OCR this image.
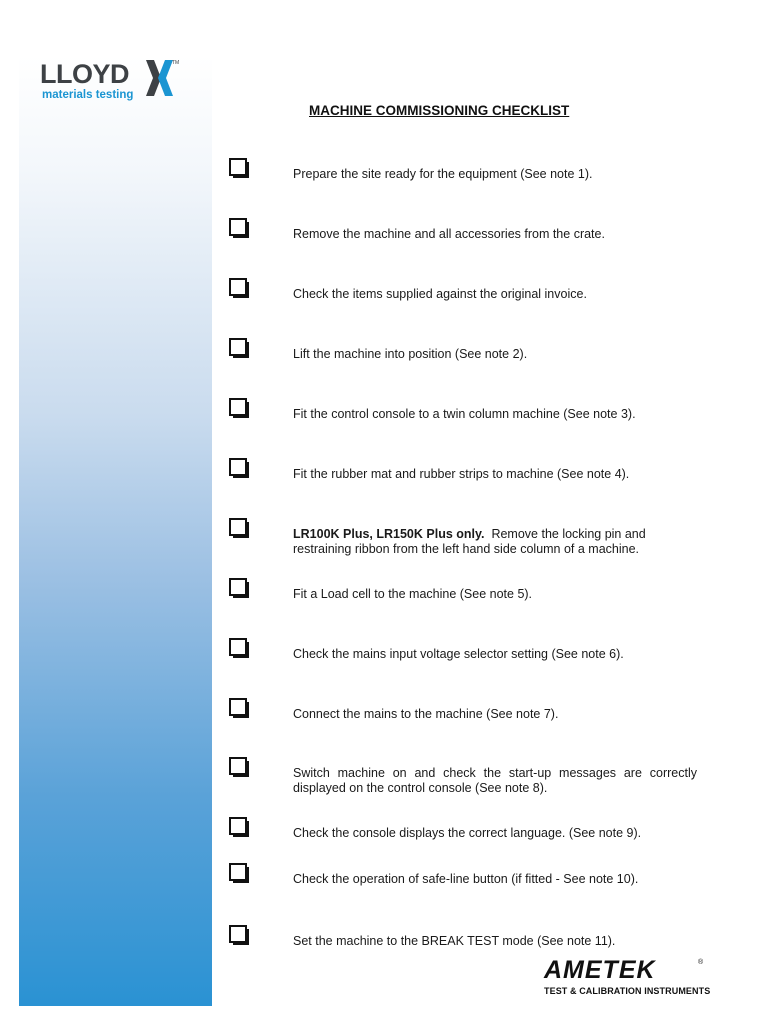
LLOYD
materials testing
TM
MACHINE COMMISSIONING CHECKLIST
Prepare the site ready for the equipment (See note 1).
Remove the machine and all accessories from the crate.
Check the items supplied against the original invoice.
Lift the machine into position (See note 2).
Fit the control console to a twin column machine (See note 3).
Fit the rubber mat and rubber strips to machine (See note 4).
LR100K Plus, LR150K Plus only. Remove the locking pin and restraining ribbon from the left hand side column of a machine.
Fit a Load cell to the machine (See note 5).
Check the mains input voltage selector setting (See note 6).
Connect the mains to the machine (See note 7).
Switch machine on and check the start-up messages are correctly displayed on the control console (See note 8).
Check the console displays the correct language. (See note 9).
Check the operation of safe-line button (if fitted - See note 10).
Set the machine to the BREAK TEST mode (See note 11).
AMETEK	®
TEST & CALIBRATION INSTRUMENTS
